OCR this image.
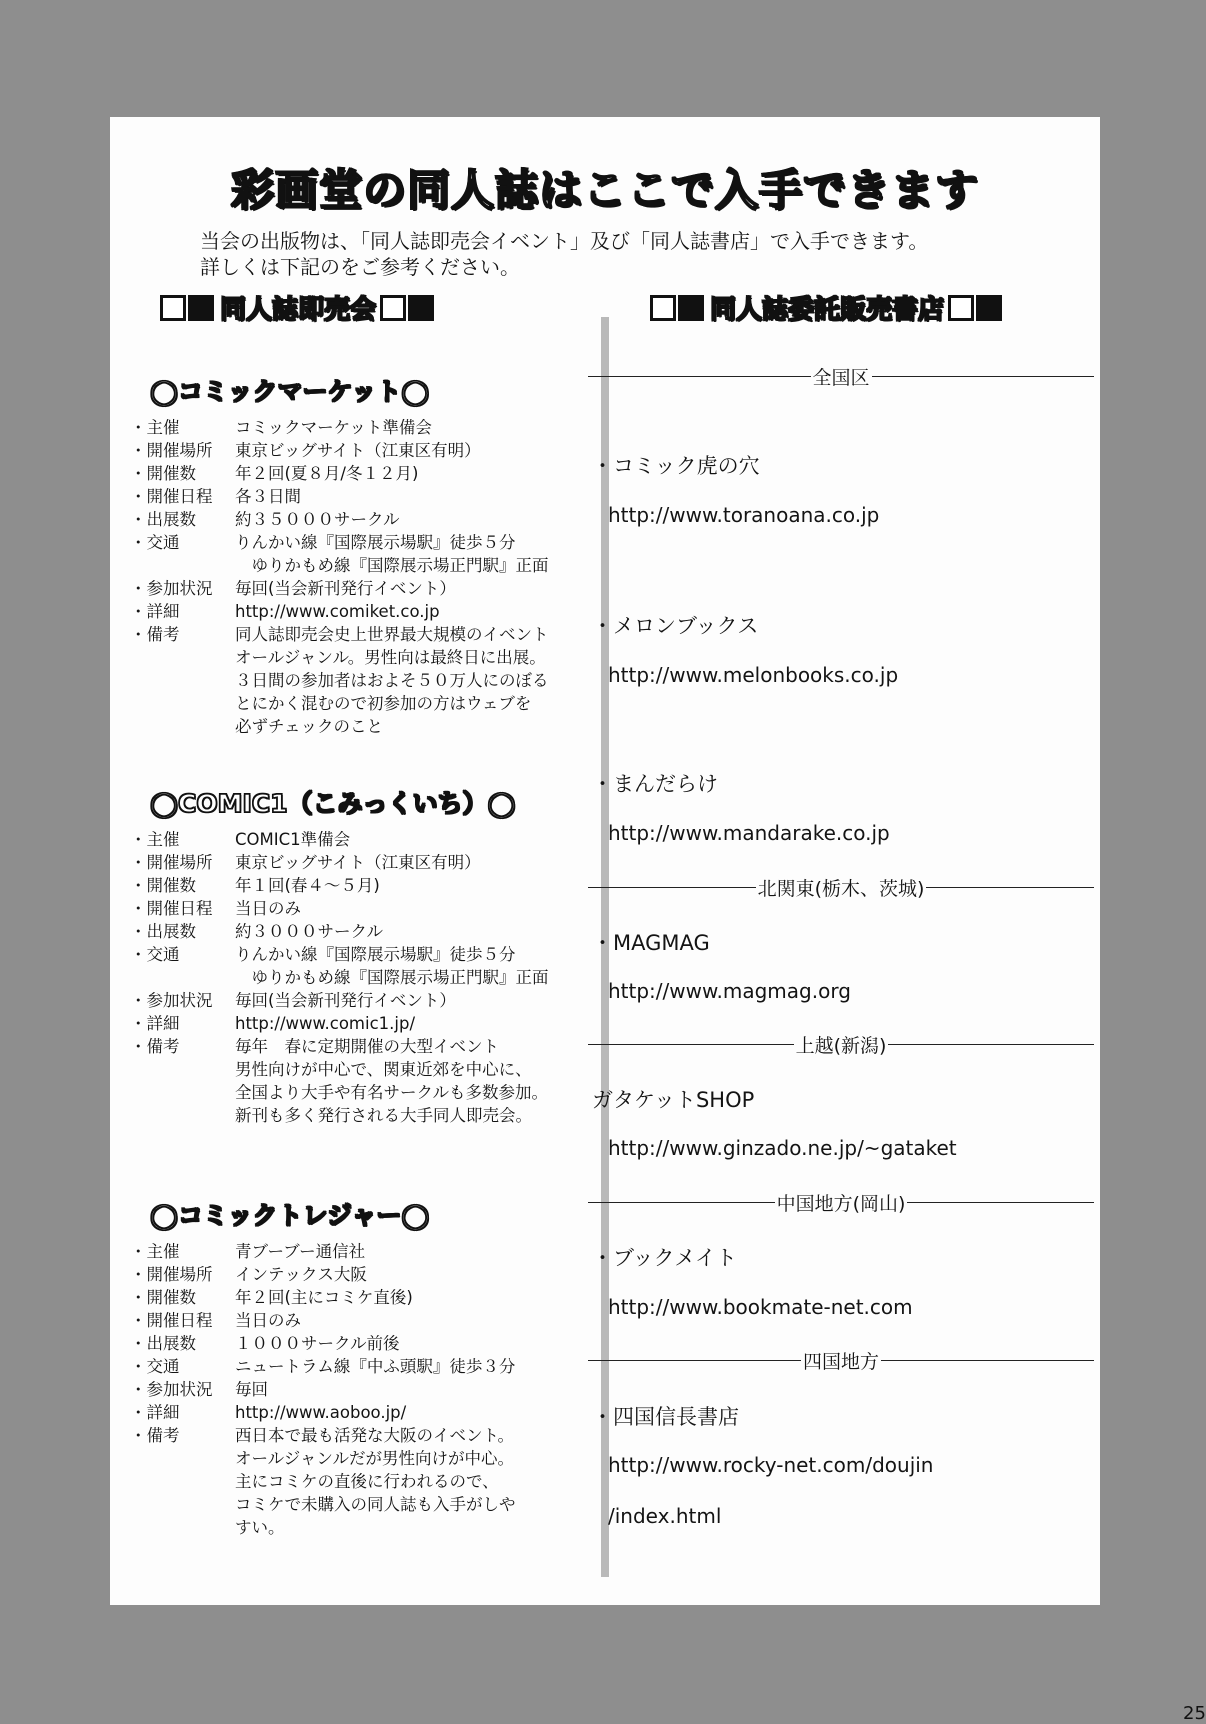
彩画堂の同人誌はここで入手できます
当会の出版物は、「同人誌即売会イベント」及び「同人誌書店」で入手できます。
詳しくは下記のをご参考ください。
同人誌即売会	同人誌委託販売書店
◯コミックマーケット◯
・主催	コミックマーケット準備会
・開催場所	東京ビッグサイト（江東区有明）
・開催数	年２回(夏８月/冬１２月)
・開催日程	各３日間
・出展数	約３５０００サークル
・交通	りんかい線『国際展示場駅』徒歩５分
　ゆりかもめ線『国際展示場正門駅』正面
・参加状況	毎回(当会新刊発行イベント）
・詳細	http://www.comiket.co.jp
・備考	同人誌即売会史上世界最大規模のイベント
オールジャンル。男性向は最終日に出展。
３日間の参加者はおよそ５０万人にのぼる
とにかく混むので初参加の方はウェブを
必ずチェックのこと
◯COMIC1（こみっくいち）◯
・主催	COMIC1準備会
・開催場所	東京ビッグサイト（江東区有明）
・開催数	年１回(春４～５月)
・開催日程	当日のみ
・出展数	約３０００サークル
・交通	りんかい線『国際展示場駅』徒歩５分
　ゆりかもめ線『国際展示場正門駅』正面
・参加状況	毎回(当会新刊発行イベント）
・詳細	http://www.comic1.jp/
・備考	毎年　春に定期開催の大型イベント
男性向けが中心で、関東近郊を中心に、
全国より大手や有名サークルも多数参加。
新刊も多く発行される大手同人即売会。
◯コミックトレジャー◯
・主催	青ブーブー通信社
・開催場所	インテックス大阪
・開催数	年２回(主にコミケ直後)
・開催日程	当日のみ
・出展数	１０００サークル前後
・交通	ニュートラム線『中ふ頭駅』徒歩３分
・参加状況	毎回
・詳細	http://www.aoboo.jp/
・備考	西日本で最も活発な大阪のイベント。
オールジャンルだが男性向けが中心。
主にコミケの直後に行われるので、
コミケで未購入の同人誌も入手がしや
すい。
全国区
・コミック虎の穴
http://www.toranoana.co.jp
・メロンブックス
http://www.melonbooks.co.jp
・まんだらけ
http://www.mandarake.co.jp
北関東(栃木、茨城)
・MAGMAG
http://www.magmag.org
上越(新潟)
ガタケットSHOP
http://www.ginzado.ne.jp/~gataket
中国地方(岡山)
・ブックメイト
http://www.bookmate-net.com
四国地方
・四国信長書店
http://www.rocky-net.com/doujin
/index.html
25
